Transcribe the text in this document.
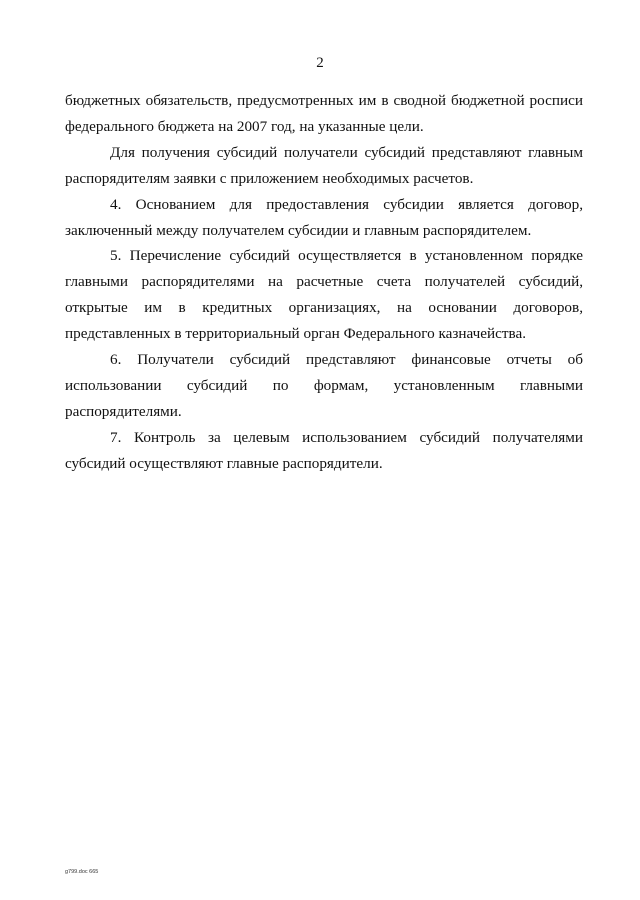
2

бюджетных обязательств, предусмотренных им в сводной бюджетной росписи федерального бюджета на 2007 год, на указанные цели.

Для получения субсидий получатели субсидий представляют главным распорядителям заявки с приложением необходимых расчетов.

4. Основанием для предоставления субсидии является договор, заключенный между получателем субсидии и главным распорядителем.

5. Перечисление субсидий осуществляется в установленном порядке главными распорядителями на расчетные счета получателей субсидий, открытые им в кредитных организациях, на основании договоров, представленных в территориальный орган Федерального казначейства.

6. Получатели субсидий представляют финансовые отчеты об использовании субсидий по формам, установленным главными распорядителями.

7. Контроль за целевым использованием субсидий получателями субсидий осуществляют главные распорядители.

g799.doc 665
